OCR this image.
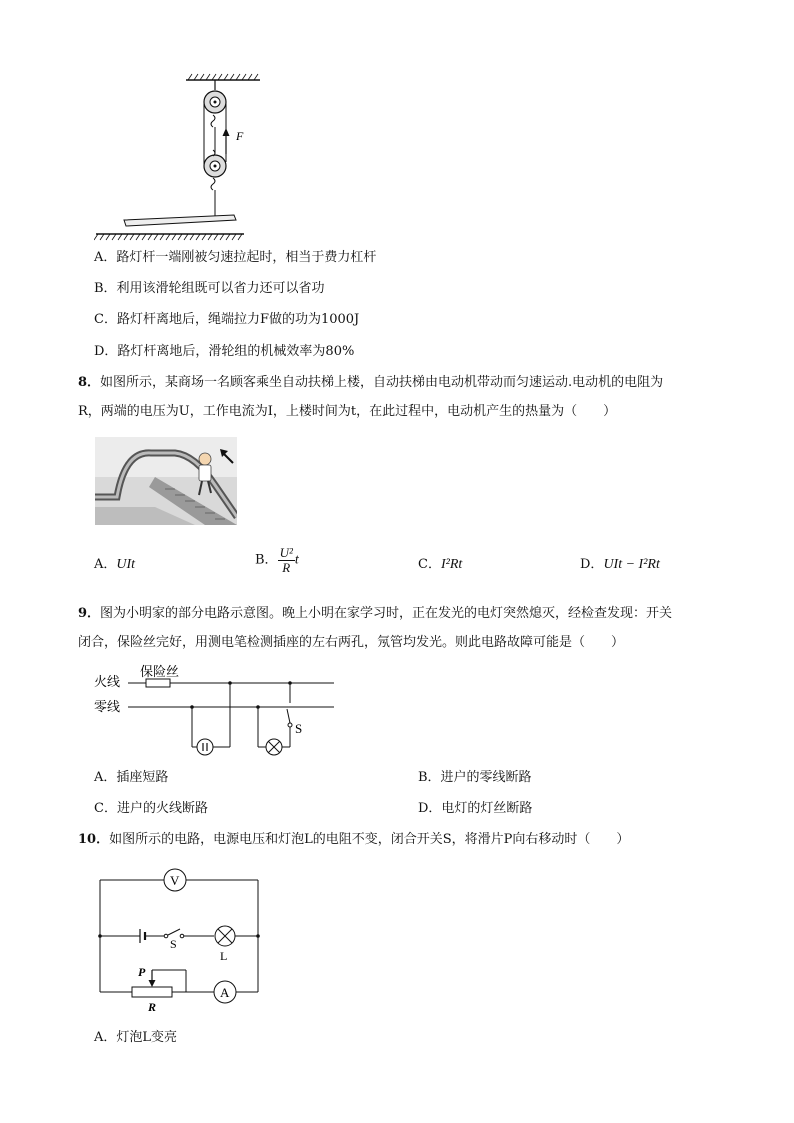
F
A．路灯杆一端刚被匀速拉起时，相当于费力杠杆
B．利用该滑轮组既可以省力还可以省功
C．路灯杆离地后，绳端拉力F做的功为1000J
D．路灯杆离地后，滑轮组的机械效率为80%
8．如图所示，某商场一名顾客乘坐自动扶梯上楼，自动扶梯由电动机带动而匀速运动.电动机的电阻为
R，两端的电压为U，工作电流为I，上楼时间为t，在此过程中，电动机产生的热量为（　　）
A．UIt	B． $\frac{\text{U²}}{R}$ t	C．I²Rt	D．UIt − I²Rt
9．图为小明家的部分电路示意图。晚上小明在家学习时，正在发光的电灯突然熄灭，经检查发现：开关
闭合，保险丝完好，用测电笔检测插座的左右两孔，氖管均发光。则此电路故障可能是（　　）
火线
零线
保险丝
S
A．插座短路	B．进户的零线断路
C．进户的火线断路	D．电灯的灯丝断路
10．如图所示的电路，电源电压和灯泡L的电阻不变，闭合开关S，将滑片P向右移动时（　　）
V
S
L
A
P
R
A．灯泡L变亮
